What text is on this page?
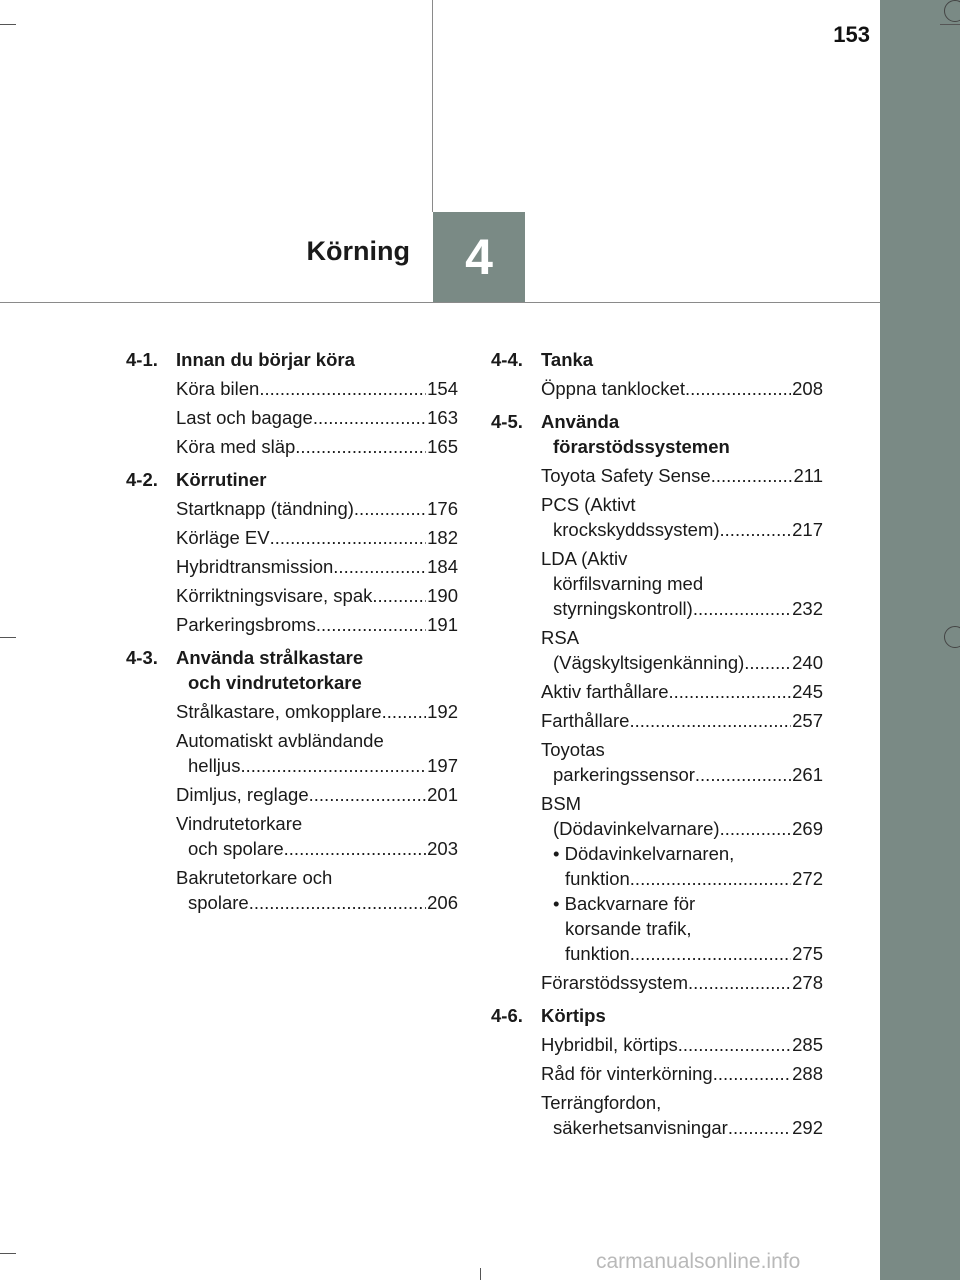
153
Körning 4
4-1. Innan du börjar köra
Köra bilen .....	154
Last och bagage .....	163
Köra med släp .....	165
4-2. Körrutiner
Startknapp (tändning) .....	176
Körläge EV .....	182
Hybridtransmission .....	184
Körriktningsvisare, spak .....	190
Parkeringsbroms .....	191
4-3. Använda strålkastare
och vindrutetorkare
Strålkastare, omkopplare ..... 192
Automatiskt avbländande
helljus .....	197
Dimljus, reglage .....	201
Vindrutetorkare
och spolare .....	203
Bakrutetorkare och
spolare .....	206
4-4. Tanka
Öppna tanklocket .....	208
4-5. Använda
förarstödssystemen
Toyota Safety Sense .....	211
PCS (Aktivt
krockskyddssystem) .....	217
LDA (Aktiv
körfilsvarning med
styrningskontroll) .....	232
RSA
(Vägskyltsigenkänning) .....	240
Aktiv farthållare .....	245
Farthållare .....	257
Toyotas
parkeringssensor .....	261
BSM
(Dödavinkelvarnare) .....	269
• Dödavinkelvarnaren,
funktion .....	272
• Backvarnare för
korsande trafik,
funktion .....	275
Förarstödssystem .....	278
4-6. Körtips
Hybridbil, körtips .....	285
Råd för vinterkörning .....	288
Terrängfordon,
säkerhetsanvisningar .....	292
carmanualsonline.info
